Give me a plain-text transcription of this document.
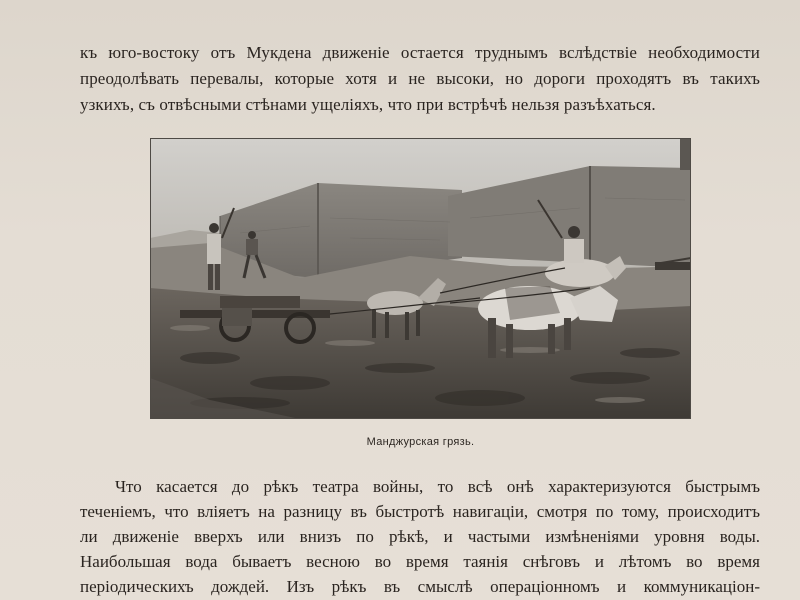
къ юго-востоку отъ Мукдена движенiе остается труднымъ вслѣдствiе необходимости
преодолѣвать перевалы, которые хотя и не высоки, но дороги проходятъ въ такихъ
узкихъ, съ отвѣсными стѣнами ущелiяхъ, что при встрѣчѣ нельзя разъѣхаться.
Манджурская грязь.
Что касается до рѣкъ театра войны, то всѣ онѣ характеризуются быстрымъ
теченiемъ, что влiяетъ на разницу въ быстротѣ навигацiи, смотря по тому, происходитъ
ли движенiе вверхъ или внизъ по рѣкѣ, и частыми измѣненiями уровня воды.
Наибольшая вода бываетъ весною во время таянiя снѣговъ и лѣтомъ во время
перiодическихъ дождей. Изъ рѣкъ въ смыслѣ операцiонномъ и коммуникацiон-
